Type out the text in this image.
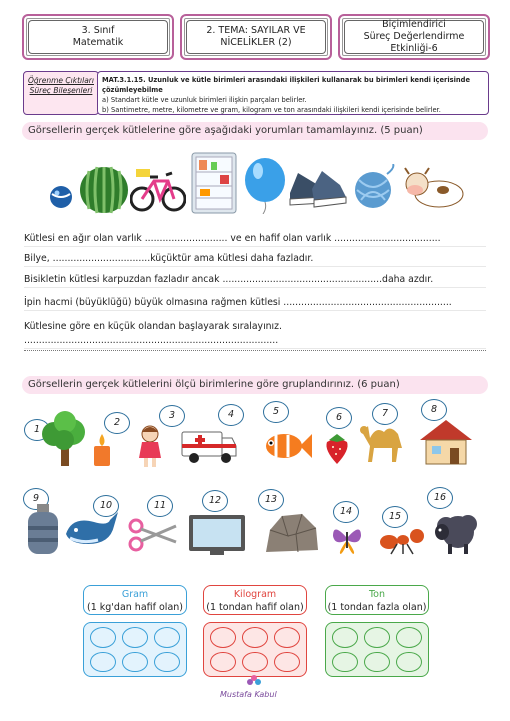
3. Sınıf
Matematik
2. TEMA: SAYILAR VE
NİCELİKLER (2)
Biçimlendirici
Süreç Değerlendirme Etkinliği-6
Öğrenme Çıktıları
Süreç Bileşenleri
MAT.3.1.15. Uzunluk ve kütle birimleri arasındaki ilişkileri kullanarak bu birimleri kendi içerisinde çözümleyebilme
a) Standart kütle ve uzunluk birimleri ilişkin parçaları belirler.
b) Santimetre, metre, kilometre ve gram, kilogram ve ton arasındaki ilişkileri kendi içerisinde belirler.
Görsellerin gerçek kütlelerine göre aşağıdaki yorumları tamamlayınız. (5 puan)
Kütlesi en ağır olan varlık ............................ ve en hafif olan varlık ....................................
Bilye, .................................küçüktür ama kütlesi daha fazladır.
Bisikletin kütlesi karpuzdan fazladır ancak ......................................................daha azdır.
İpin hacmi (büyüklüğü) büyük olmasına rağmen kütlesi .........................................................
Kütlesine göre en küçük olandan başlayarak sıralayınız. ......................................................................................
Görsellerin gerçek kütlelerini ölçü birimlerine göre gruplandırınız. (6 puan)
1
2
3	4	5
6	7	8
9
10	11	12	13
14	15
16
Gram
(1 kg'dan hafif olan)
Kilogram
(1 tondan hafif olan)
Ton
(1 tondan fazla olan)
Mustafa Kabul
